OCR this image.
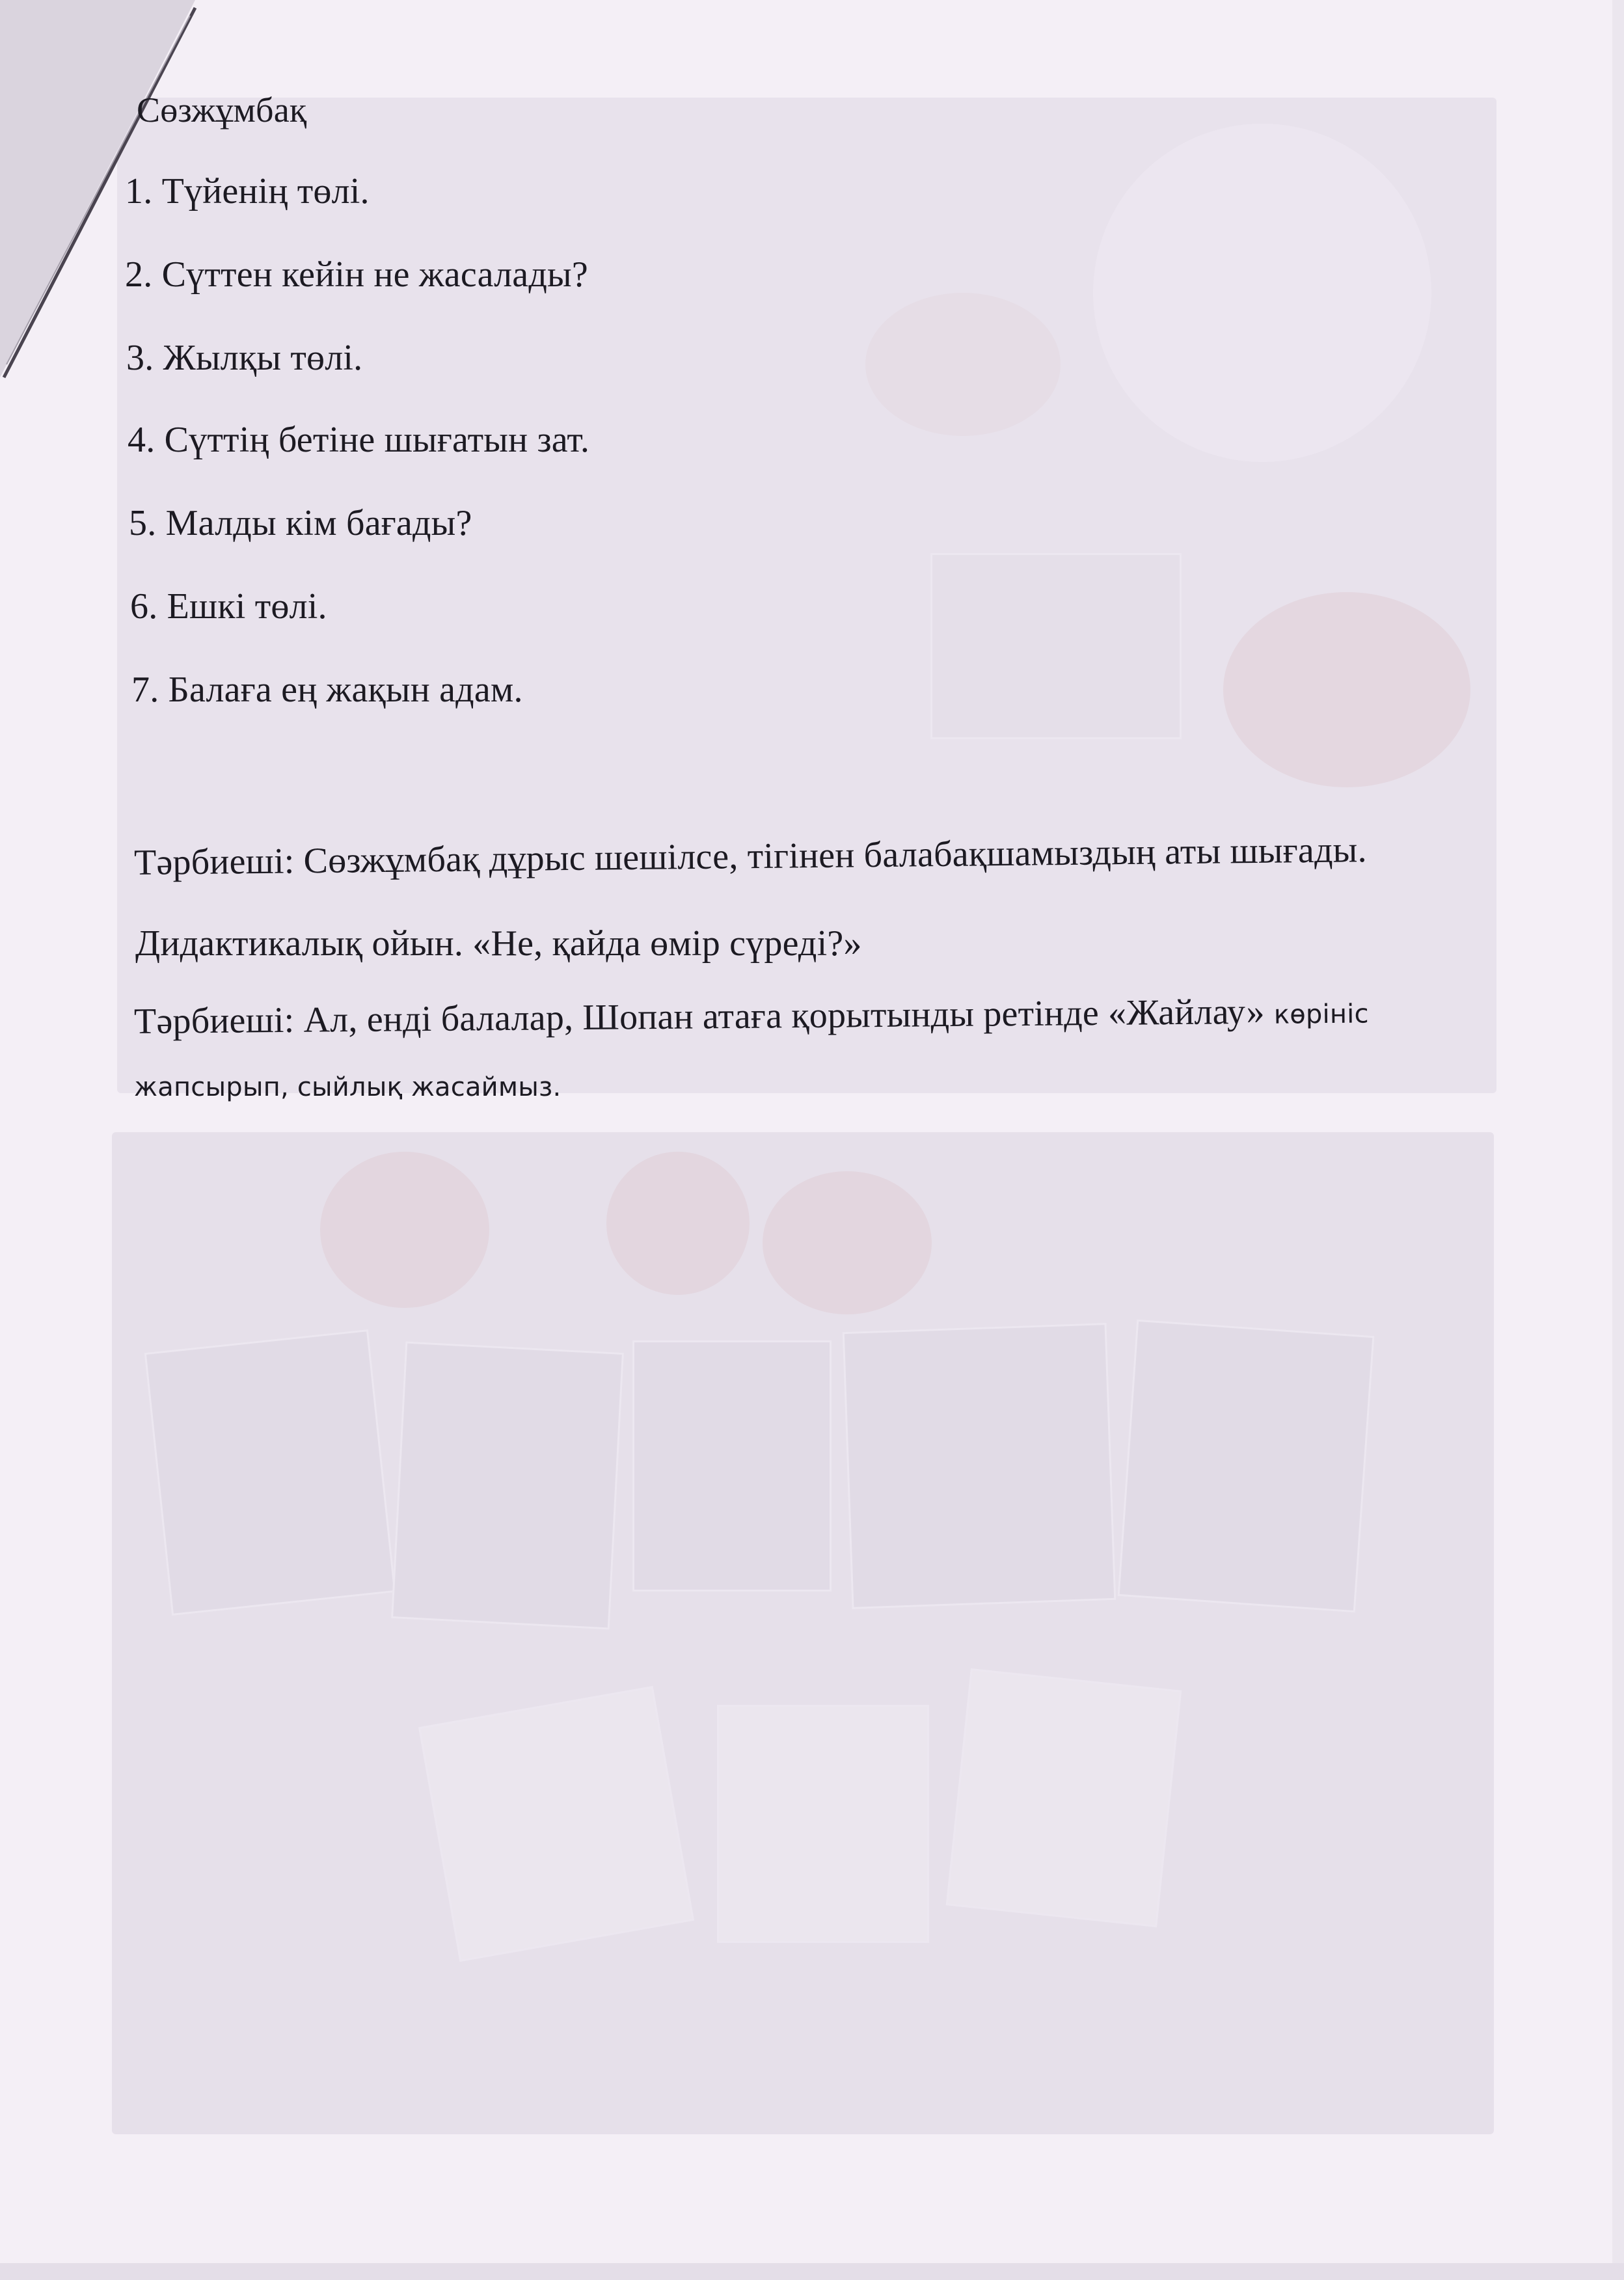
Сөзжұмбақ
1. Түйенің төлі.
2. Сүттен кейін не жасалады?
3. Жылқы төлі.
4. Сүттің бетіне шығатын зат.
5. Малды кім бағады?
6. Ешкі төлі.
7. Балаға ең жақын адам.
Тәрбиеші: Сөзжұмбақ дұрыс шешілсе, тігінен балабақшамыздың аты шығады.
Дидактикалық ойын. «Не, қайда өмір сүреді?»
Тәрбиеші: Ал, енді балалар, Шопан атаға қорытынды ретінде «Жайлау» көрініс
жапсырып, сыйлық жасаймыз.
